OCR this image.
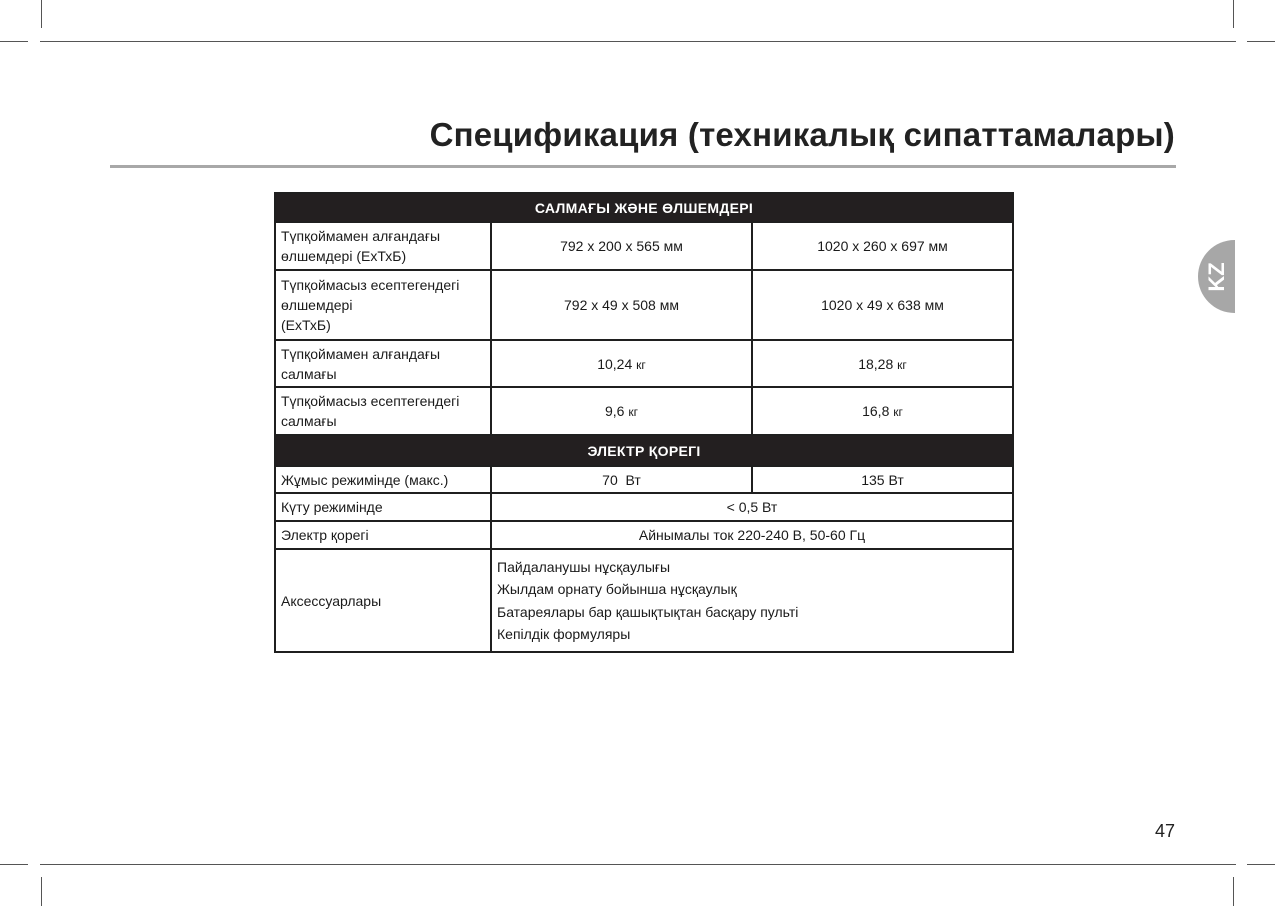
Спецификация (техникалық сипаттамалары)
KZ
САЛМАҒЫ ЖӘНЕ ӨЛШЕМДЕРІ		
Түпқоймамен алғандағы өлшемдері (ЕхТхБ)	792 x 200 x 565 мм	1020 x 260 x 697 мм
Түпқоймасыз есептегендегі өлшемдері
(ЕхТхБ)	792 x 49 x 508 мм	1020 x 49 x 638 мм
Түпқоймамен алғандағы салмағы	10,24 кг	18,28 кг
Түпқоймасыз есептегендегі салмағы	9,6 кг	16,8 кг
ЭЛЕКТР ҚОРЕГІ		
Жұмыс режимінде (макс.)	70  Вт	135 Вт
Күту режимінде	< 0,5 Вт	
Электр қорегі	Айнымалы ток 220-240 В, 50-60 Гц	
Аксессуарлары	Пайдаланушы нұсқаулығы
Жылдам орнату бойынша нұсқаулық
Батареялары бар қашықтықтан басқару пульті
Кепілдік формуляры	
47
